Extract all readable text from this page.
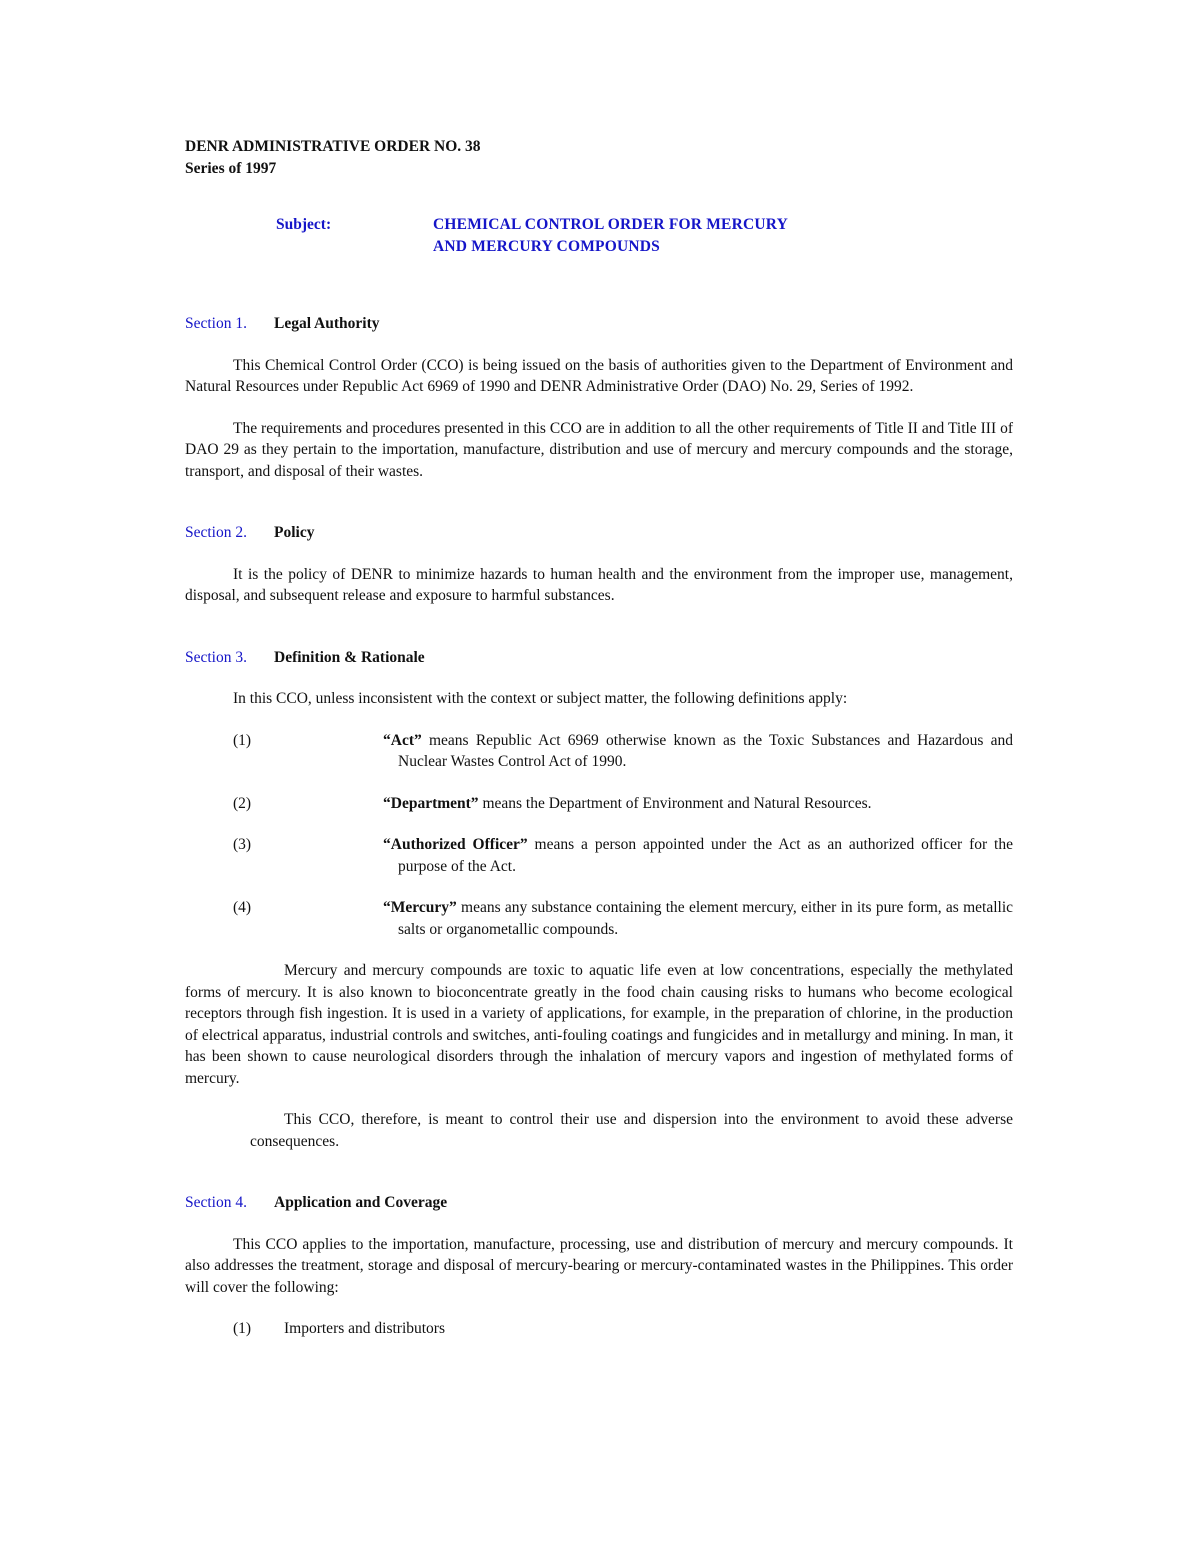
DENR ADMINISTRATIVE ORDER NO. 38
Series of 1997
Subject:	CHEMICAL CONTROL ORDER FOR MERCURY
AND MERCURY COMPOUNDS
Section 1. Legal Authority

This Chemical Control Order (CCO) is being issued on the basis of authorities given to the Department of Environment and Natural Resources under Republic Act 6969 of 1990 and DENR Administrative Order (DAO) No. 29, Series of 1992.

The requirements and procedures presented in this CCO are in addition to all the other requirements of Title II and Title III of DAO 29 as they pertain to the importation, manufacture, distribution and use of mercury and mercury compounds and the storage, transport, and disposal of their wastes.

Section 2. Policy

It is the policy of DENR to minimize hazards to human health and the environment from the improper use, management, disposal, and subsequent release and exposure to harmful substances.

Section 3. Definition & Rationale

In this CCO, unless inconsistent with the context or subject matter, the following definitions apply:

(1)	“Act” means Republic Act 6969 otherwise known as the Toxic Substances and Hazardous and Nuclear Wastes Control Act of 1990.
(2)	“Department” means the Department of Environment and Natural Resources.
(3)	“Authorized Officer” means a person appointed under the Act as an authorized officer for the purpose of the Act.
(4)	“Mercury” means any substance containing the element mercury, either in its pure form, as metallic salts or organometallic compounds.

Mercury and mercury compounds are toxic to aquatic life even at low concentrations, especially the methylated forms of mercury. It is also known to bioconcentrate greatly in the food chain causing risks to humans who become ecological receptors through fish ingestion. It is used in a variety of applications, for example, in the preparation of chlorine, in the production of electrical apparatus, industrial controls and switches, anti-fouling coatings and fungicides and in metallurgy and mining. In man, it has been shown to cause neurological disorders through the inhalation of mercury vapors and ingestion of methylated forms of mercury.

This CCO, therefore, is meant to control their use and dispersion into the environment to avoid these adverse consequences.

Section 4. Application and Coverage

This CCO applies to the importation, manufacture, processing, use and distribution of mercury and mercury compounds. It also addresses the treatment, storage and disposal of mercury-bearing or mercury-contaminated wastes in the Philippines. This order will cover the following:

(1) Importers and distributors
